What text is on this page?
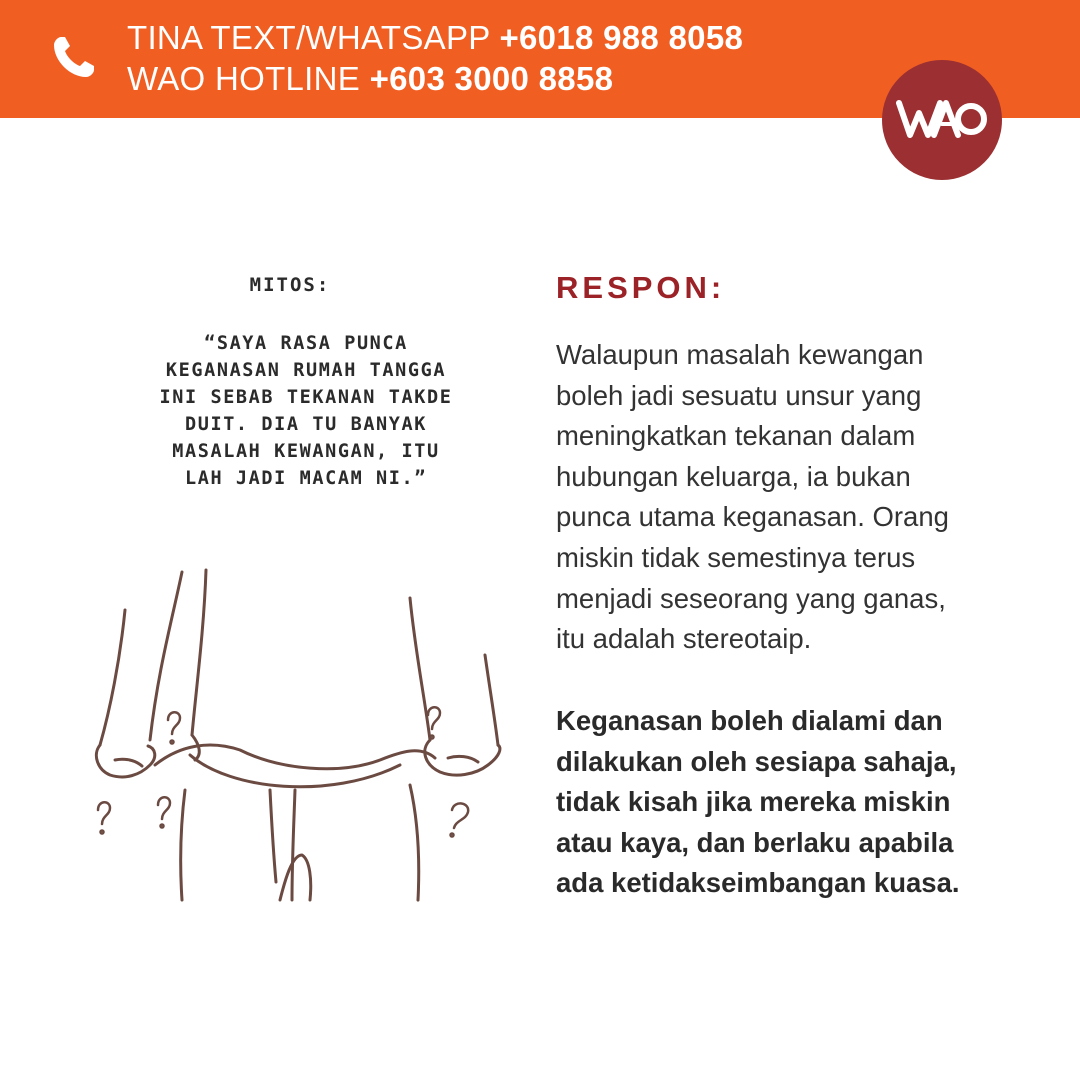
TINA TEXT/WHATSAPP +6018 988 8058
WAO HOTLINE +603 3000 8858
MITOS:
“SAYA RASA PUNCA
KEGANASAN RUMAH TANGGA
INI SEBAB TEKANAN TAKDE
DUIT. DIA TU BANYAK
MASALAH KEWANGAN, ITU
LAH JADI MACAM NI.”
RESPON:
Walaupun masalah kewangan
boleh jadi sesuatu unsur yang
meningkatkan tekanan dalam
hubungan keluarga, ia bukan
punca utama keganasan. Orang
miskin tidak semestinya terus
menjadi seseorang yang ganas,
itu adalah stereotaip.
Keganasan boleh dialami dan
dilakukan oleh sesiapa sahaja,
tidak kisah jika mereka miskin
atau kaya, dan berlaku apabila
ada ketidakseimbangan kuasa.
